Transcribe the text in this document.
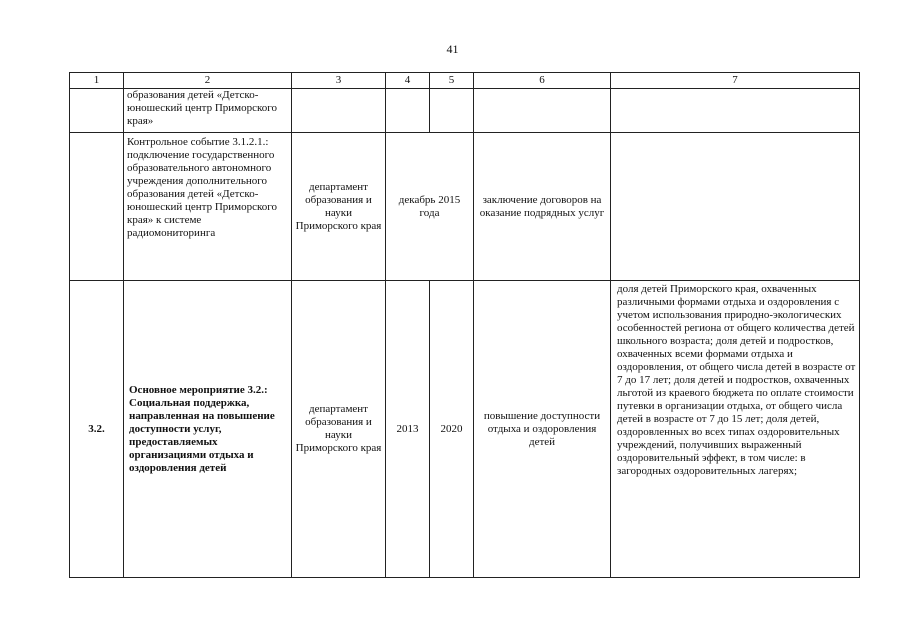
41
1	2	3	4	5	6	7
	образования детей «Детско-юношеский центр Приморского края»					
	Контрольное событие 3.1.2.1.: подключение государственного образовательного автономного учреждения дополнительного образования детей «Детско-юношеский центр Приморского края» к системе радиомониторинга	департамент образования и науки Приморского края	декабрь 2015 года		заключение договоров на оказание подрядных услуг	
3.2.	Основное мероприятие 3.2.: Социальная поддержка, направленная на повышение доступности услуг, предоставляемых организациями отдыха и оздоровления детей	департамент образования и науки Приморского края	2013	2020	повышение доступности отдыха и оздоровления детей	доля детей Приморского края, охваченных различными формами отдыха и оздоровления с учетом использования природно-экологических особенностей региона от общего количества детей школьного возраста; доля детей и подростков, охваченных всеми формами отдыха и оздоровления, от общего числа детей в возрасте от 7 до 17 лет; доля детей и подростков, охваченных льготой из краевого бюджета по оплате стоимости путевки в организации отдыха, от общего числа детей в возрасте от 7 до 15 лет; доля детей, оздоровленных во всех типах оздоровительных учреждений, получивших выраженный оздоровительный эффект, в том числе: в загородных оздоровительных лагерях;
